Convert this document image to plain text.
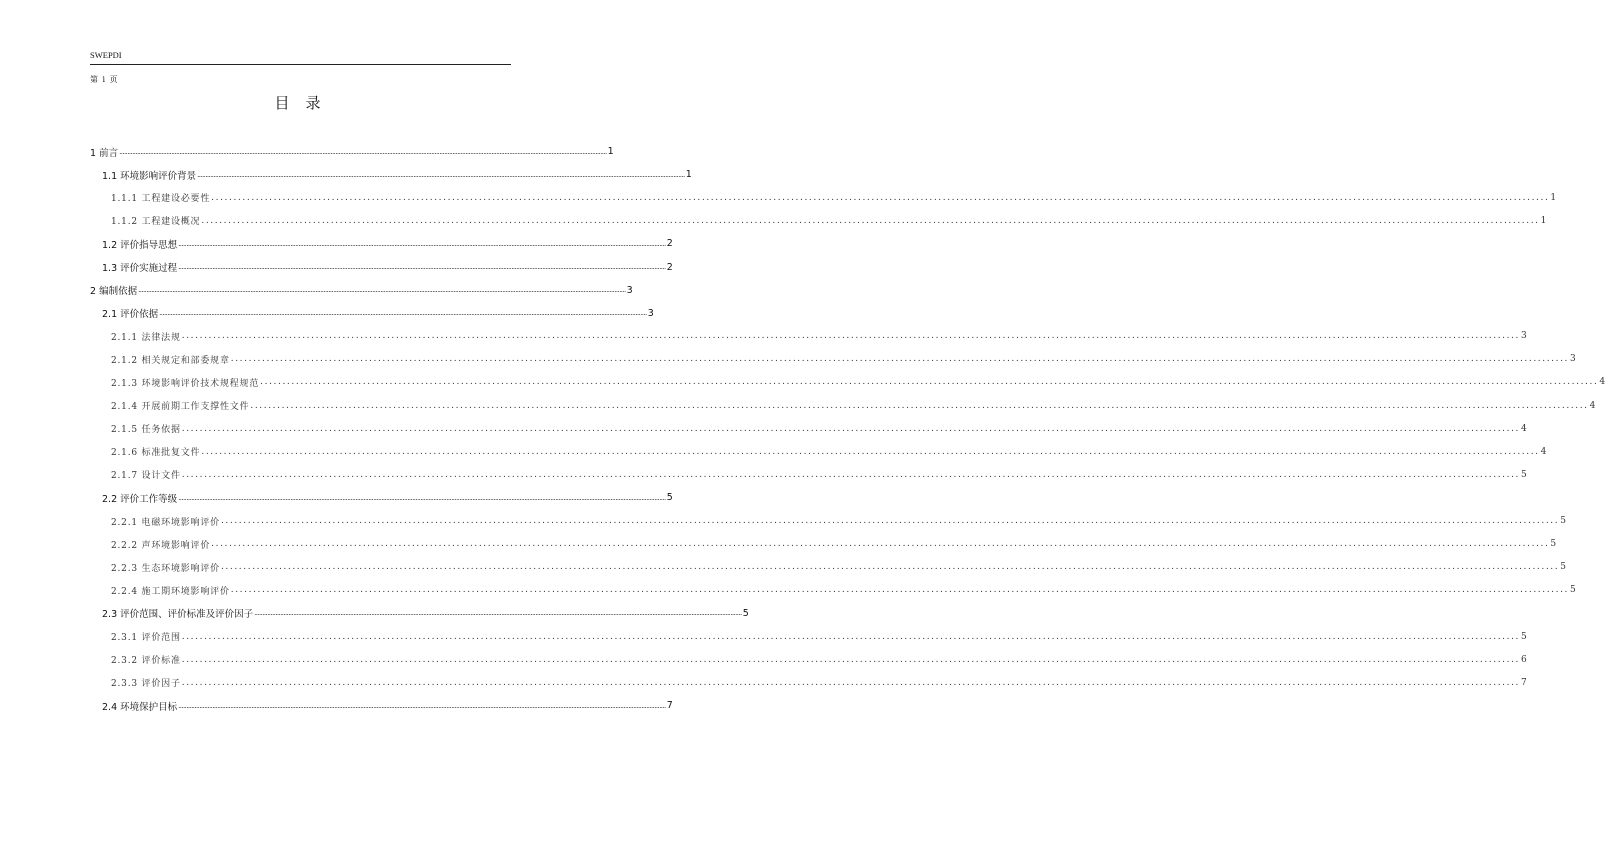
SWEPDI
第 i 页
目录
1 前言 ............................................................................................................................................................................................................................................................................................................ 1
1.1 环境影响评价背景 ............................................................................................................................................................................................................................................................................................................ 1
1.1.1 工程建设必要性 ............................................................................................................................................................................................................................................................................................................ 1
1.1.2 工程建设概况 ............................................................................................................................................................................................................................................................................................................ 1
1.2 评价指导思想 ............................................................................................................................................................................................................................................................................................................ 2
1.3 评价实施过程 ............................................................................................................................................................................................................................................................................................................ 2
2 编制依据 ............................................................................................................................................................................................................................................................................................................ 3
2.1 评价依据 ............................................................................................................................................................................................................................................................................................................ 3
2.1.1 法律法规 ............................................................................................................................................................................................................................................................................................................ 3
2.1.2 相关规定和部委规章 ............................................................................................................................................................................................................................................................................................................ 3
2.1.3 环境影响评价技术规程规范 ............................................................................................................................................................................................................................................................................................................ 4
2.1.4 开展前期工作支撑性文件 ............................................................................................................................................................................................................................................................................................................ 4
2.1.5 任务依据 ............................................................................................................................................................................................................................................................................................................ 4
2.1.6 标准批复文件 ............................................................................................................................................................................................................................................................................................................ 4
2.1.7 设计文件 ............................................................................................................................................................................................................................................................................................................ 5
2.2 评价工作等级 ............................................................................................................................................................................................................................................................................................................ 5
2.2.1 电磁环境影响评价 ............................................................................................................................................................................................................................................................................................................ 5
2.2.2 声环境影响评价 ............................................................................................................................................................................................................................................................................................................ 5
2.2.3 生态环境影响评价 ............................................................................................................................................................................................................................................................................................................ 5
2.2.4 施工期环境影响评价 ............................................................................................................................................................................................................................................................................................................ 5
2.3 评价范围、评价标准及评价因子 ............................................................................................................................................................................................................................................................................................................ 5
2.3.1 评价范围 ............................................................................................................................................................................................................................................................................................................ 5
2.3.2 评价标准 ............................................................................................................................................................................................................................................................................................................ 6
2.3.3 评价因子 ............................................................................................................................................................................................................................................................................................................ 7
2.4 环境保护目标 ............................................................................................................................................................................................................................................................................................................ 7
